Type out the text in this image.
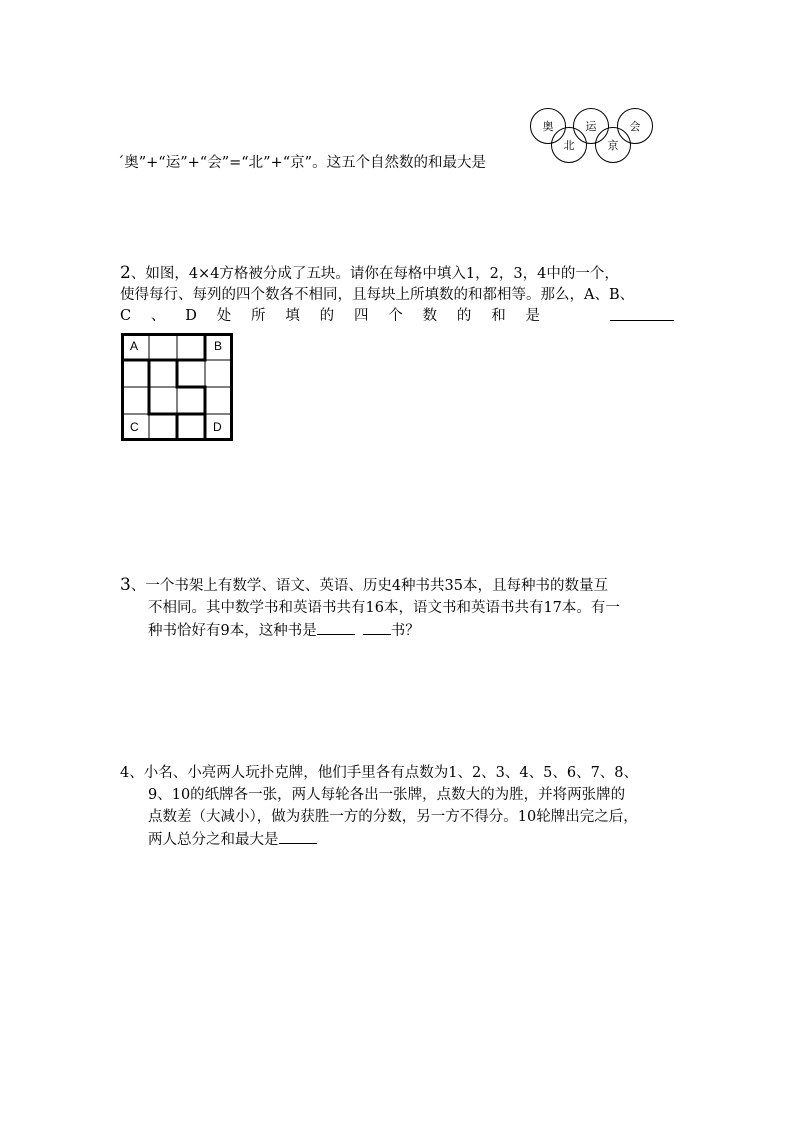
奥	运	会
北	京
ˊ奥”+“运”+“会”=“北”+“京”。这五个自然数的和最大是
2、如图，4×4方格被分成了五块。请你在每格中填入1，2，3，4中的一个，
使得每行、每列的四个数各不相同，且每块上所填数的和都相等。那么，A、B、
C 、 D 处 所 填 的 四 个 数 的 和 是
A	B
C	D
3、一个书架上有数学、语文、英语、历史4种书共35本，且每种书的数量互
不相同。其中数学书和英语书共有16本，语文书和英语书共有17本。有一
种书恰好有9本，这种书是	书？
4、小名、小亮两人玩扑克牌，他们手里各有点数为1、2、3、4、5、6、7、8、
9、10的纸牌各一张，两人每轮各出一张牌，点数大的为胜，并将两张牌的
点数差（大减小），做为获胜一方的分数，另一方不得分。10轮牌出完之后，
两人总分之和最大是
